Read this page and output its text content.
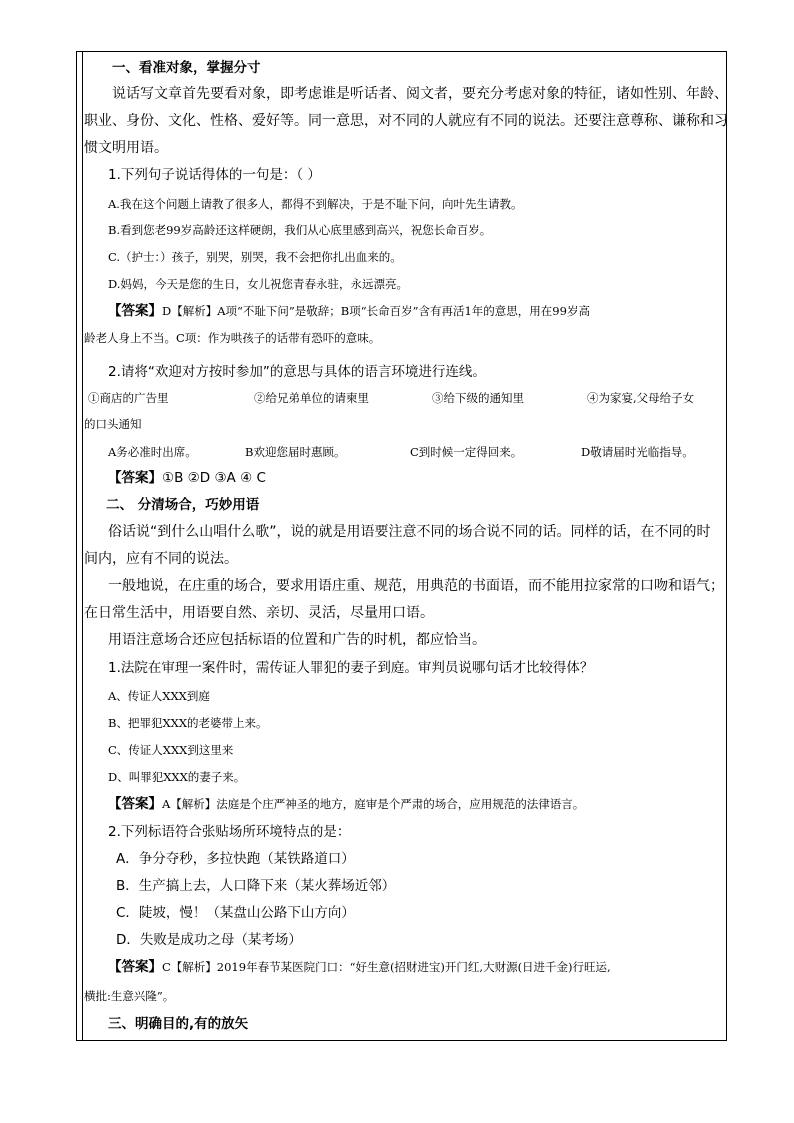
一、看准对象，掌握分寸
说话写文章首先要看对象，即考虑谁是听话者、阅文者，要充分考虑对象的特征，诸如性别、年龄、
职业、身份、文化、性格、爱好等。同一意思，对不同的人就应有不同的说法。还要注意尊称、谦称和习
惯文明用语。
1.下列句子说话得体的一句是：（ ）
A.我在这个问题上请教了很多人，都得不到解决，于是不耻下问，向叶先生请教。
B.看到您老99岁高龄还这样硬朗，我们从心底里感到高兴，祝您长命百岁。
C.（护士：）孩子，别哭，别哭，我不会把你扎出血来的。
D.妈妈，今天是您的生日，女儿祝您青春永驻，永远漂亮。
【答案】D【解析】A项“不耻下问”是敬辞；B项“长命百岁”含有再活1年的意思，用在99岁高
龄老人身上不当。C项：作为哄孩子的话带有恐吓的意味。
2.请将“欢迎对方按时参加”的意思与具体的语言环境进行连线。
①商店的广告里	②给兄弟单位的请柬里	③给下级的通知里	④为家宴,父母给子女
的口头通知
A务必准时出席。	B欢迎您届时惠顾。	C到时候一定得回来。	D敬请届时光临指导。
【答案】①B ②D ③A ④ C
二、 分清场合，巧妙用语
俗话说“到什么山唱什么歌”，说的就是用语要注意不同的场合说不同的话。同样的话，在不同的时
间内，应有不同的说法。
一般地说，在庄重的场合，要求用语庄重、规范，用典范的书面语，而不能用拉家常的口吻和语气；
在日常生活中，用语要自然、亲切、灵活，尽量用口语。
用语注意场合还应包括标语的位置和广告的时机，都应恰当。
1.法院在审理一案件时，需传证人罪犯的妻子到庭。审判员说哪句话才比较得体？
A、传证人XXX到庭
B、把罪犯XXX的老婆带上来。
C、传证人XXX到这里来
D、叫罪犯XXX的妻子来。
【答案】A【解析】法庭是个庄严神圣的地方，庭审是个严肃的场合，应用规范的法律语言。
2.下列标语符合张贴场所环境特点的是：
A．争分夺秒，多拉快跑（某铁路道口）
B．生产搞上去，人口降下来（某火葬场近邻）
C．陡坡，慢！（某盘山公路下山方向）
D．失败是成功之母（某考场）
【答案】C【解析】2019年春节某医院门口：“好生意(招财进宝)开门红,大财源(日进千金)行旺运,
横批:生意兴隆”。
三、明确目的,有的放矢
